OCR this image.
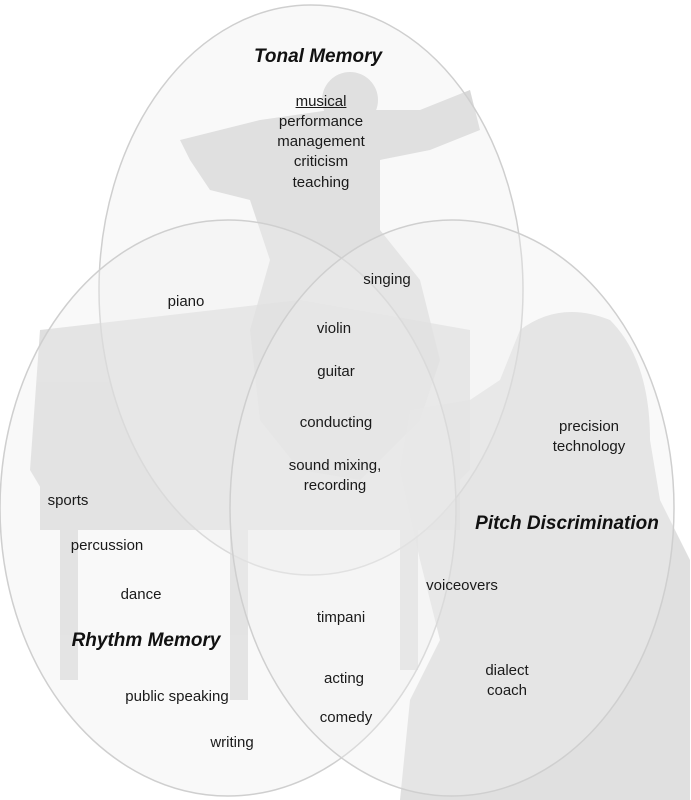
Tonal Memory
Rhythm Memory
Pitch Discrimination
musical
performance
management
criticism
teaching
piano
singing
violin
guitar
conducting
sound mixing,
recording
precision
technology
sports
percussion
dance
voiceovers
timpani
acting
comedy
dialect
coach
public speaking
writing
